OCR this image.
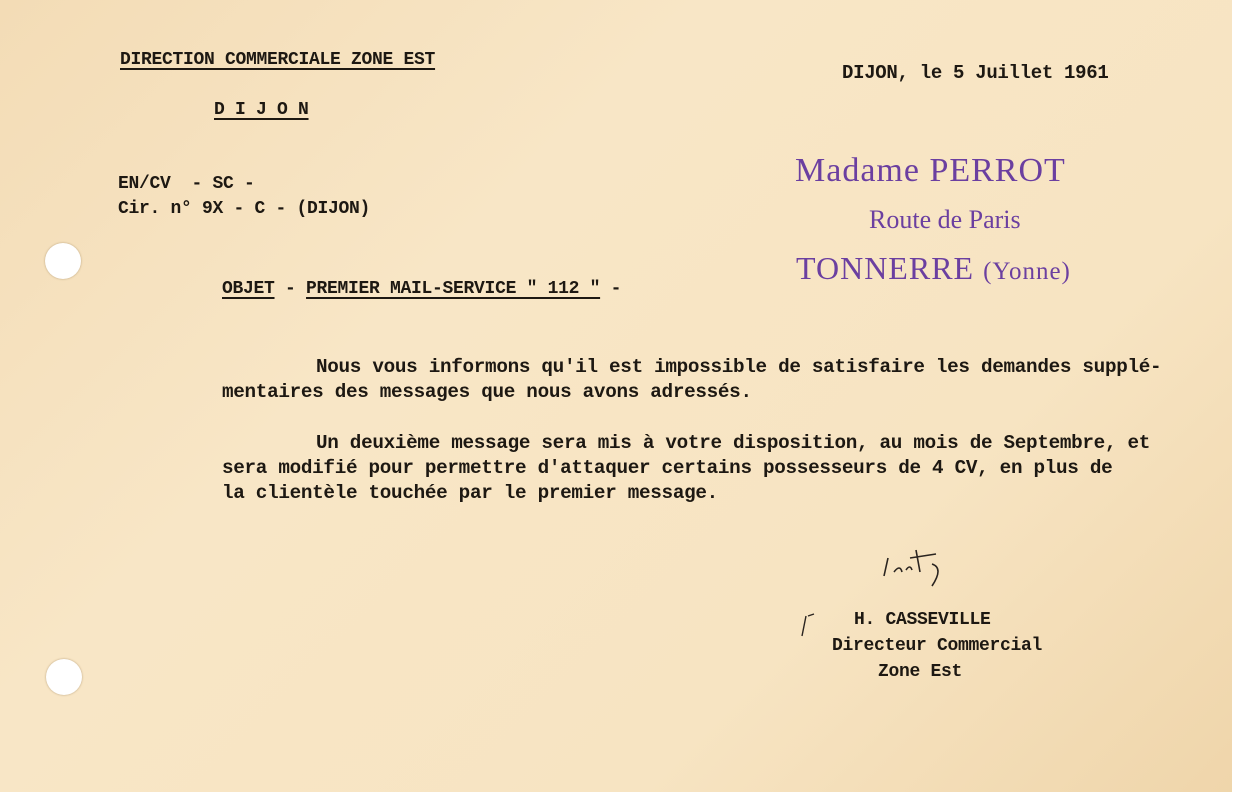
DIRECTION COMMERCIALE ZONE EST
D I J O N
DIJON, le 5 Juillet 1961
EN/CV  - SC -
Cir. n° 9X - C - (DIJON)
Madame PERROT
Route de Paris
TONNERRE (Yonne)
OBJET - PREMIER MAIL-SERVICE " 112 " -
Nous vous informons qu'il est impossible de satisfaire les demandes supplé-
mentaires des messages que nous avons adressés.
Un deuxième message sera mis à votre disposition, au mois de Septembre, et
sera modifié pour permettre d'attaquer certains possesseurs de 4 CV, en plus de
la clientèle touchée par le premier message.
H. CASSEVILLE
Directeur Commercial
Zone Est
